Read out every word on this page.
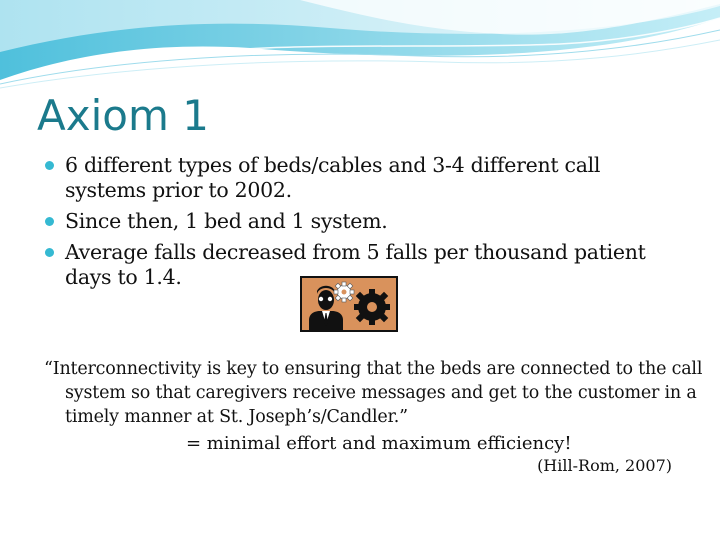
Axiom 1
6 different types of beds/cables and 3-4 different call systems prior to 2002.
Since then, 1 bed and 1 system.
Average falls decreased from 5 falls per thousand patient days to 1.4.

“Interconnectivity is key to ensuring that the beds are connected to the call system so that caregivers receive messages and get to the customer in a timely manner at St. Joseph’s/Candler.”

= minimal effort and maximum efficiency!

(Hill-Rom, 2007)
